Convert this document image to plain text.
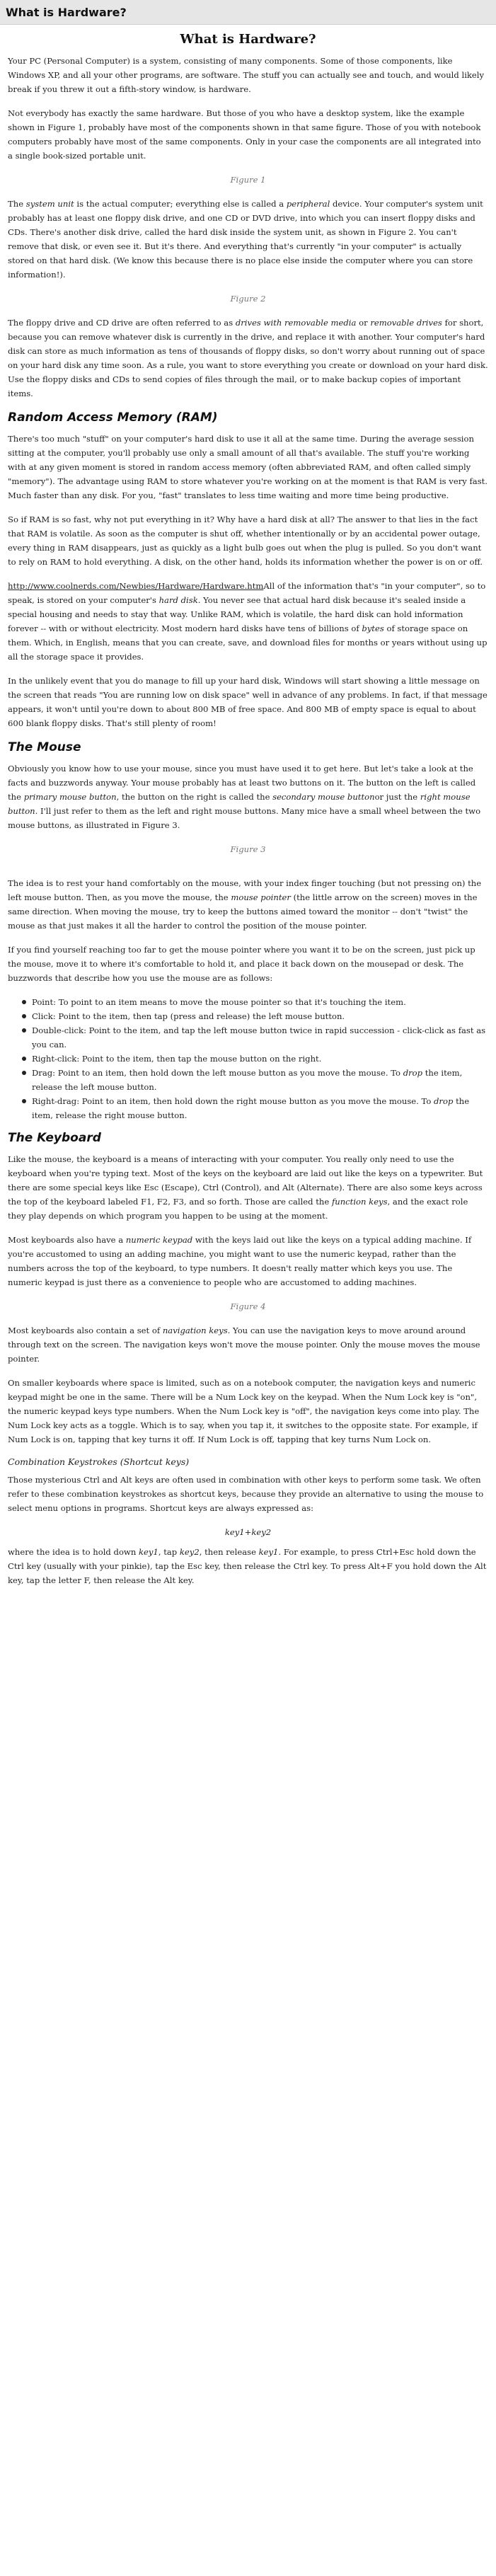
What is Hardware?
What is Hardware?

Your PC (Personal Computer) is a system, consisting of many components. Some of those components, like Windows XP, and all your other programs, are software. The stuff you can actually see and touch, and would likely break if you threw it out a fifth-story window, is hardware.

Not everybody has exactly the same hardware. But those of you who have a desktop system, like the example shown in Figure 1, probably have most of the components shown in that same figure. Those of you with notebook computers probably have most of the same components. Only in your case the components are all integrated into a single book-sized portable unit.

Figure 1

The system unit is the actual computer; everything else is called a peripheral device. Your computer's system unit probably has at least one floppy disk drive, and one CD or DVD drive, into which you can insert floppy disks and CDs. There's another disk drive, called the hard disk inside the system unit, as shown in Figure 2. You can't remove that disk, or even see it. But it's there. And everything that's currently "in your computer" is actually stored on that hard disk. (We know this because there is no place else inside the computer where you can store information!).

Figure 2

The floppy drive and CD drive are often referred to as drives with removable media or removable drives for short, because you can remove whatever disk is currently in the drive, and replace it with another. Your computer's hard disk can store as much information as tens of thousands of floppy disks, so don't worry about running out of space on your hard disk any time soon. As a rule, you want to store everything you create or download on your hard disk. Use the floppy disks and CDs to send copies of files through the mail, or to make backup copies of important items.

Random Access Memory (RAM)

There's too much "stuff" on your computer's hard disk to use it all at the same time. During the average session sitting at the computer, you'll probably use only a small amount of all that's available. The stuff you're working with at any given moment is stored in random access memory (often abbreviated RAM, and often called simply "memory"). The advantage using RAM to store whatever you're working on at the moment is that RAM is very fast. Much faster than any disk. For you, "fast" translates to less time waiting and more time being productive.

So if RAM is so fast, why not put everything in it? Why have a hard disk at all? The answer to that lies in the fact that RAM is volatile. As soon as the computer is shut off, whether intentionally or by an accidental power outage, every thing in RAM disappears, just as quickly as a light bulb goes out when the plug is pulled. So you don't want to rely on RAM to hold everything. A disk, on the other hand, holds its information whether the power is on or off.

http://www.coolnerds.com/Newbies/Hardware/Hardware.htmAll of the information that's "in your computer", so to speak, is stored on your computer's hard disk. You never see that actual hard disk because it's sealed inside a special housing and needs to stay that way. Unlike RAM, which is volatile, the hard disk can hold information forever -- with or without electricity. Most modern hard disks have tens of billions of bytes of storage space on them. Which, in English, means that you can create, save, and download files for months or years without using up all the storage space it provides.

In the unlikely event that you do manage to fill up your hard disk, Windows will start showing a little message on the screen that reads "You are running low on disk space" well in advance of any problems. In fact, if that message appears, it won't until you're down to about 800 MB of free space. And 800 MB of empty space is equal to about 600 blank floppy disks. That's still plenty of room!

The Mouse

Obviously you know how to use your mouse, since you must have used it to get here. But let's take a look at the facts and buzzwords anyway. Your mouse probably has at least two buttons on it. The button on the left is called the primary mouse button, the button on the right is called the secondary mouse buttonor just the right mouse button. I'll just refer to them as the left and right mouse buttons. Many mice have a small wheel between the two mouse buttons, as illustrated in Figure 3.

Figure 3

The idea is to rest your hand comfortably on the mouse, with your index finger touching (but not pressing on) the left mouse button. Then, as you move the mouse, the mouse pointer (the little arrow on the screen) moves in the same direction. When moving the mouse, try to keep the buttons aimed toward the monitor -- don't "twist" the mouse as that just makes it all the harder to control the position of the mouse pointer.

If you find yourself reaching too far to get the mouse pointer where you want it to be on the screen, just pick up the mouse, move it to where it's comfortable to hold it, and place it back down on the mousepad or desk. The buzzwords that describe how you use the mouse are as follows:

Point: To point to an item means to move the mouse pointer so that it's touching the item.
Click: Point to the item, then tap (press and release) the left mouse button.
Double-click: Point to the item, and tap the left mouse button twice in rapid succession - click-click as fast as you can.
Right-click: Point to the item, then tap the mouse button on the right.
Drag: Point to an item, then hold down the left mouse button as you move the mouse. To drop the item, release the left mouse button.
Right-drag: Point to an item, then hold down the right mouse button as you move the mouse. To drop the item, release the right mouse button.
The Keyboard

Like the mouse, the keyboard is a means of interacting with your computer. You really only need to use the keyboard when you're typing text. Most of the keys on the keyboard are laid out like the keys on a typewriter. But there are some special keys like Esc (Escape), Ctrl (Control), and Alt (Alternate). There are also some keys across the top of the keyboard labeled F1, F2, F3, and so forth. Those are called the function keys, and the exact role they play depends on which program you happen to be using at the moment.

Most keyboards also have a numeric keypad with the keys laid out like the keys on a typical adding machine. If you're accustomed to using an adding machine, you might want to use the numeric keypad, rather than the numbers across the top of the keyboard, to type numbers. It doesn't really matter which keys you use. The numeric keypad is just there as a convenience to people who are accustomed to adding machines.

Figure 4

Most keyboards also contain a set of navigation keys. You can use the navigation keys to move around around through text on the screen. The navigation keys won't move the mouse pointer. Only the mouse moves the mouse pointer.

On smaller keyboards where space is limited, such as on a notebook computer, the navigation keys and numeric keypad might be one in the same. There will be a Num Lock key on the keypad. When the Num Lock key is "on", the numeric keypad keys type numbers. When the Num Lock key is "off", the navigation keys come into play. The Num Lock key acts as a toggle. Which is to say, when you tap it, it switches to the opposite state. For example, if Num Lock is on, tapping that key turns it off. If Num Lock is off, tapping that key turns Num Lock on.

Combination Keystrokes (Shortcut keys)

Those mysterious Ctrl and Alt keys are often used in combination with other keys to perform some task. We often refer to these combination keystrokes as shortcut keys, because they provide an alternative to using the mouse to select menu options in programs. Shortcut keys are always expressed as:

key1+key2

where the idea is to hold down key1, tap key2, then release key1. For example, to press Ctrl+Esc hold down the Ctrl key (usually with your pinkie), tap the Esc key, then release the Ctrl key. To press Alt+F you hold down the Alt key, tap the letter F, then release the Alt key.
